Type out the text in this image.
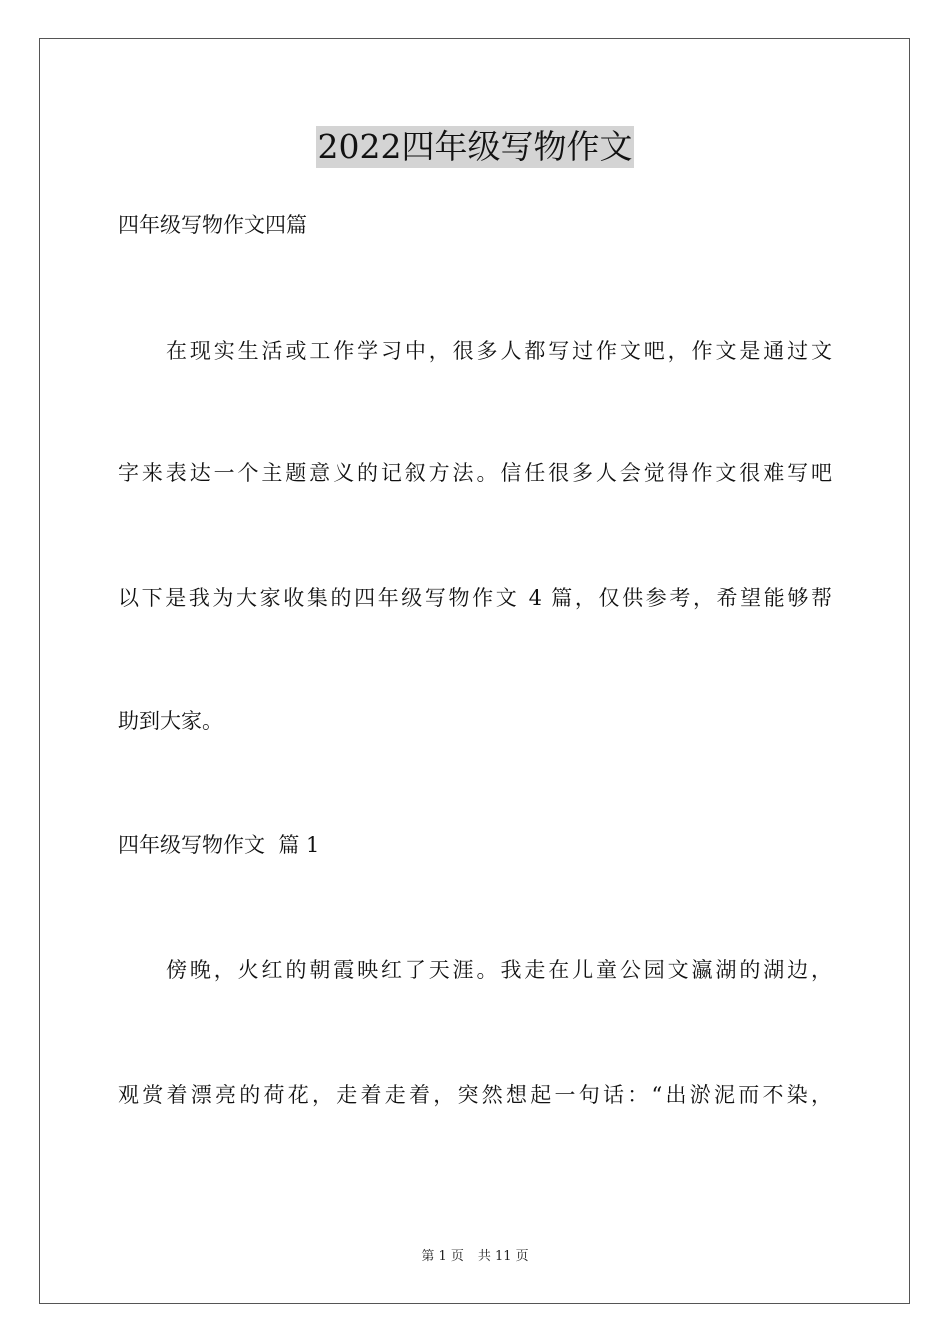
2022四年级写物作文
四年级写物作文四篇
在现实生活或工作学习中，很多人都写过作文吧，作文是通过文
字来表达一个主题意义的记叙方法。信任很多人会觉得作文很难写吧
以下是我为大家收集的四年级写物作文 4 篇，仅供参考，希望能够帮
助到大家。
四年级写物作文  篇 1
傍晚，火红的朝霞映红了天涯。我走在儿童公园文瀛湖的湖边，
观赏着漂亮的荷花，走着走着，突然想起一句话：“出淤泥而不染，
第 1 页 共 11 页
